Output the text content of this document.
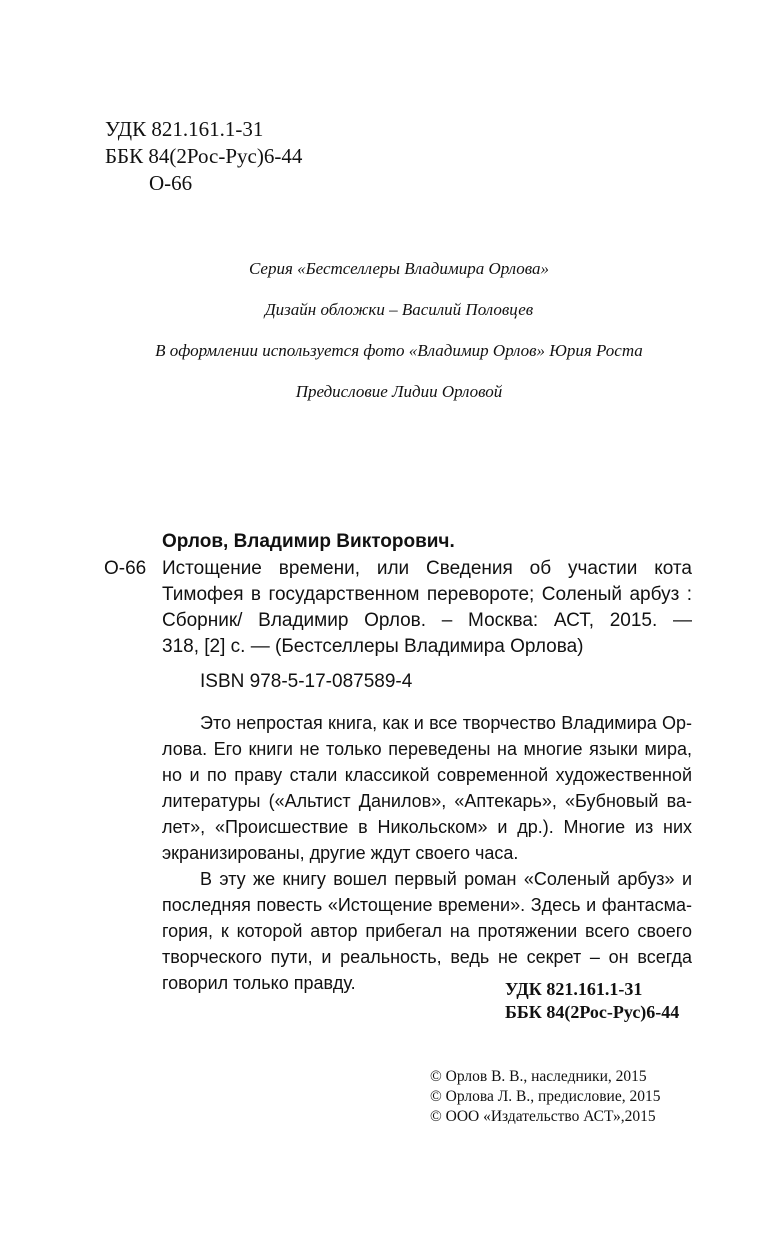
УДК 821.161.1-31
ББК 84(2Рос-Рус)6-44
О-66
Серия «Бестселлеры Владимира Орлова»
Дизайн обложки – Василий Половцев
В оформлении используется фото «Владимир Орлов» Юрия Роста
Предисловие Лидии Орловой
Орлов, Владимир Викторович.
О-66 Истощение времени, или Сведения об участии кота
Тимофея в государственном перевороте; Соленый арбуз :
Сборник/ Владимир Орлов. – Москва: АСТ, 2015. —
318, [2] с. — (Бестселлеры Владимира Орлова)
ISBN 978-5-17-087589-4
Это непростая книга, как и все творчество Владимира Ор-
лова. Его книги не только переведены на многие языки мира,
но и по праву стали классикой современной художественной
литературы («Альтист Данилов», «Аптекарь», «Бубновый ва-
лет», «Происшествие в Никольском» и др.). Многие из них
экранизированы, другие ждут своего часа.
В эту же книгу вошел первый роман «Соленый арбуз» и
последняя повесть «Истощение времени». Здесь и фантасма-
гория, к которой автор прибегал на протяжении всего своего
творческого пути, и реальность, ведь не секрет – он всегда
говорил только правду.	УДК 821.161.1-31
ББК 84(2Рос-Рус)6-44
© Орлов В. В., наследники, 2015
© Орлова Л. В., предисловие, 2015
© ООО «Издательство АСТ»,2015
